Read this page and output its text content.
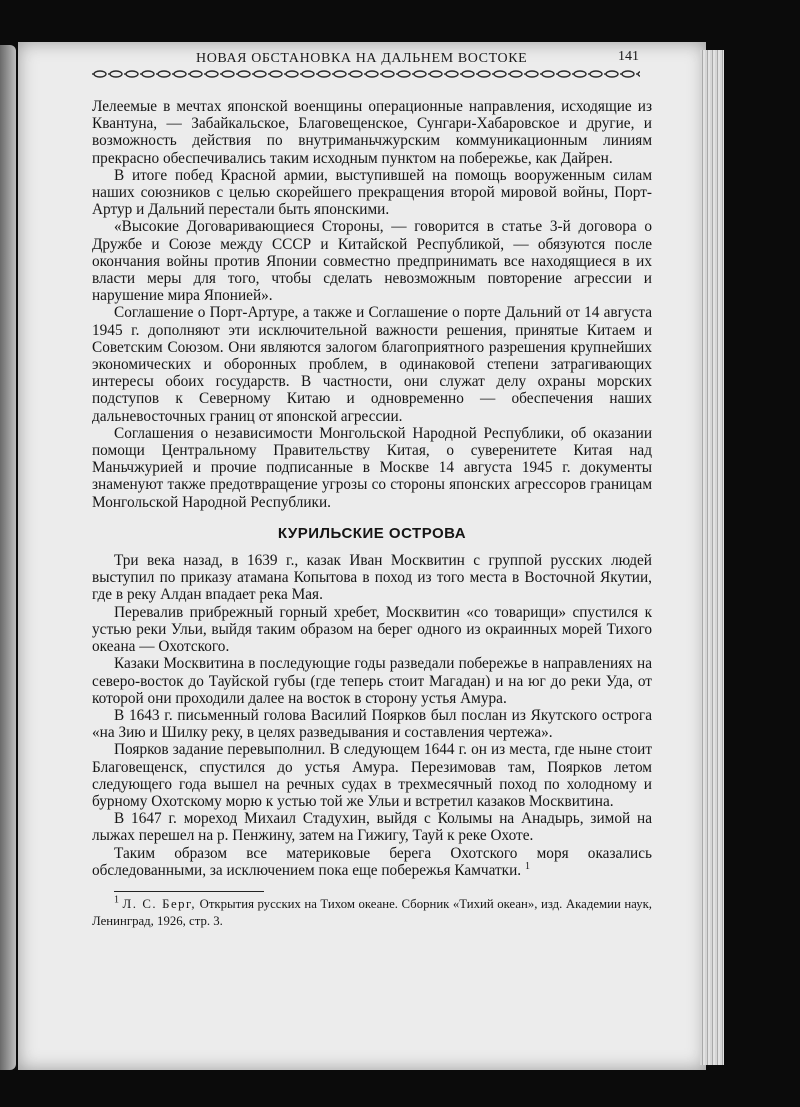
НОВАЯ ОБСТАНОВКА НА ДАЛЬНЕМ ВОСТОКЕ	141

Лелеемые в мечтах японской военщины операционные направления, исходящие из Квантуна, — Забайкальское, Благовещенское, Сунгари-Хабаровское и другие, и возможность действия по внутриманьчжурским коммуникационным линиям прекрасно обеспечивались таким исходным пунктом на побережье, как Дайрен.

В итоге побед Красной армии, выступившей на помощь вооруженным силам наших союзников с целью скорейшего прекращения второй мировой войны, Порт-Артур и Дальний перестали быть японскими.

«Высокие Договаривающиеся Стороны, — говорится в статье 3-й договора о Дружбе и Союзе между СССР и Китайской Республикой, — обязуются после окончания войны против Японии совместно предпринимать все находящиеся в их власти меры для того, чтобы сделать невозможным повторение агрессии и нарушение мира Японией».

Соглашение о Порт-Артуре, а также и Соглашение о порте Дальний от 14 августа 1945 г. дополняют эти исключительной важности решения, принятые Китаем и Советским Союзом. Они являются залогом благоприятного разрешения крупнейших экономических и оборонных проблем, в одинаковой степени затрагивающих интересы обоих государств. В частности, они служат делу охраны морских подступов к Северному Китаю и одновременно — обеспечения наших дальневосточных границ от японской агрессии.

Соглашения о независимости Монгольской Народной Республики, об оказании помощи Центральному Правительству Китая, о суверенитете Китая над Маньчжурией и прочие подписанные в Москве 14 августа 1945 г. документы знаменуют также предотвращение угрозы со стороны японских агрессоров границам Монгольской Народной Республики.

КУРИЛЬСКИЕ ОСТРОВА

Три века назад, в 1639 г., казак Иван Москвитин с группой русских людей выступил по приказу атамана Копытова в поход из того места в Восточной Якутии, где в реку Алдан впадает река Мая.

Перевалив прибрежный горный хребет, Москвитин «со товарищи» спустился к устью реки Ульи, выйдя таким образом на берег одного из окраинных морей Тихого океана — Охотского.

Казаки Москвитина в последующие годы разведали побережье в направлениях на северо-восток до Тауйской губы (где теперь стоит Магадан) и на юг до реки Уда, от которой они проходили далее на восток в сторону устья Амура.

В 1643 г. письменный голова Василий Поярков был послан из Якутского острога «на Зию и Шилку реку, в целях разведывания и составления чертежа».

Поярков задание перевыполнил. В следующем 1644 г. он из места, где ныне стоит Благовещенск, спустился до устья Амура. Перезимовав там, Поярков летом следующего года вышел на речных судах в трехмесячный поход по холодному и бурному Охотскому морю к устью той же Ульи и встретил казаков Москвитина.

В 1647 г. мореход Михаил Стадухин, выйдя с Колымы на Анадырь, зимой на лыжах перешел на р. Пенжину, затем на Гижигу, Тауй к реке Охоте.

Таким образом все материковые берега Охотского моря оказались обследованными, за исключением пока еще побережья Камчатки. $^1$

$^1$ Л. С. Берг, Открытия русских на Тихом океане. Сборник «Тихий океан», изд. Академии наук, Ленинград, 1926, стр. 3.
